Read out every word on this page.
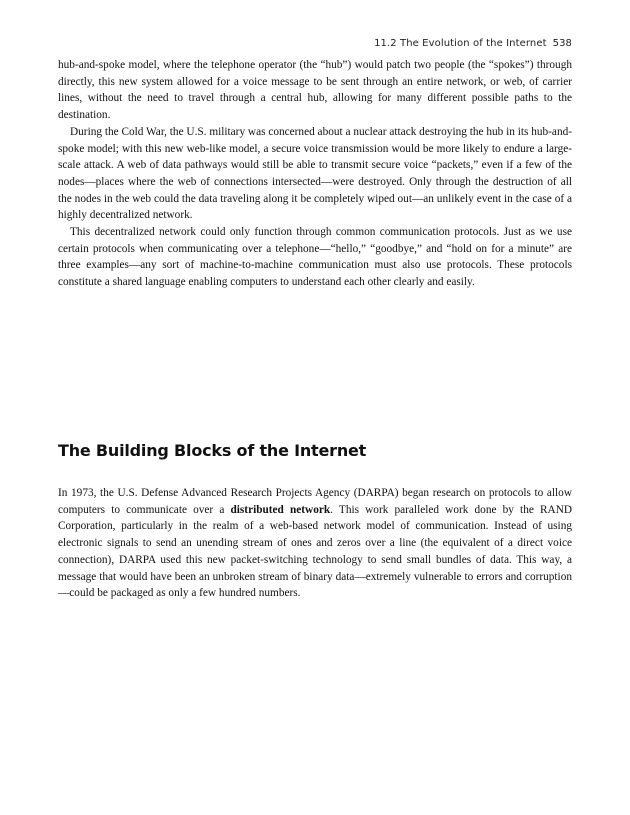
11.2 The Evolution of the Internet 538

hub-and-spoke model, where the telephone operator (the “hub”) would patch two people (the “spokes”) through directly, this new system allowed for a voice message to be sent through an entire network, or web, of carrier lines, without the need to travel through a central hub, allowing for many different possible paths to the destination.

During the Cold War, the U.S. military was concerned about a nuclear attack destroying the hub in its hub-and-spoke model; with this new web-like model, a secure voice transmission would be more likely to endure a large-scale attack. A web of data pathways would still be able to transmit secure voice “packets,” even if a few of the nodes—places where the web of connections intersected—were destroyed. Only through the destruction of all the nodes in the web could the data traveling along it be completely wiped out—an unlikely event in the case of a highly decentralized network.

This decentralized network could only function through common communication protocols. Just as we use certain protocols when communicating over a telephone—“hello,” “goodbye,” and “hold on for a minute” are three examples—any sort of machine-to-machine communication must also use protocols. These protocols constitute a shared language enabling computers to understand each other clearly and easily.

The Building Blocks of the Internet

In 1973, the U.S. Defense Advanced Research Projects Agency (DARPA) began research on protocols to allow computers to communicate over a distributed network. This work paralleled work done by the RAND Corporation, particularly in the realm of a web-based network model of communication. Instead of using electronic signals to send an unending stream of ones and zeros over a line (the equivalent of a direct voice connection), DARPA used this new packet-switching technology to send small bundles of data. This way, a message that would have been an unbroken stream of binary data—extremely vulnerable to errors and corruption—could be packaged as only a few hundred numbers.
